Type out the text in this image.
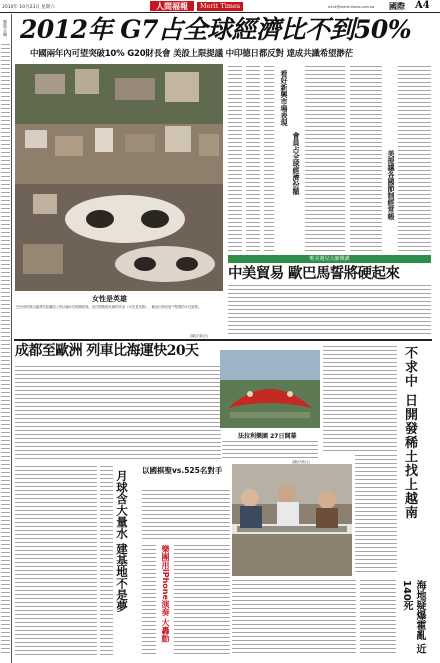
2010年 10月23日 星期六	人間福報	Merit Times	mtr4@merit-times.com.tw 國際 A4
整版主編： 2012年 G7占全球經濟比不到50%
中國兩年內可望突破10% G20財長會 美設上限提議 中印德日都反對 達成共識希望渺茫
女性是英雄
巴西里約熱內盧貧民窟牆面上的巨幅女性眼睛影像，是法國藝術家JR的作品《女性是英雄》，藉此向貧民窟中堅強的女性致敬。
(圖/法新社)
看好新興市場表現
會員占全球經濟份額	美提議各國節制經常帳
唯美遇見大師開講
中美貿易 歐巴馬誓將硬起來
成都至歐洲 列車比海運快20天
法拉利樂園 27日開幕
(圖/法新社)	不求中 日開發稀土找上越南
月球含大量水 建基地不是夢 以國棋聖vs.525名對手
樂團用iPhone演奏 大轟動	海地疑爆霍亂 近140死
